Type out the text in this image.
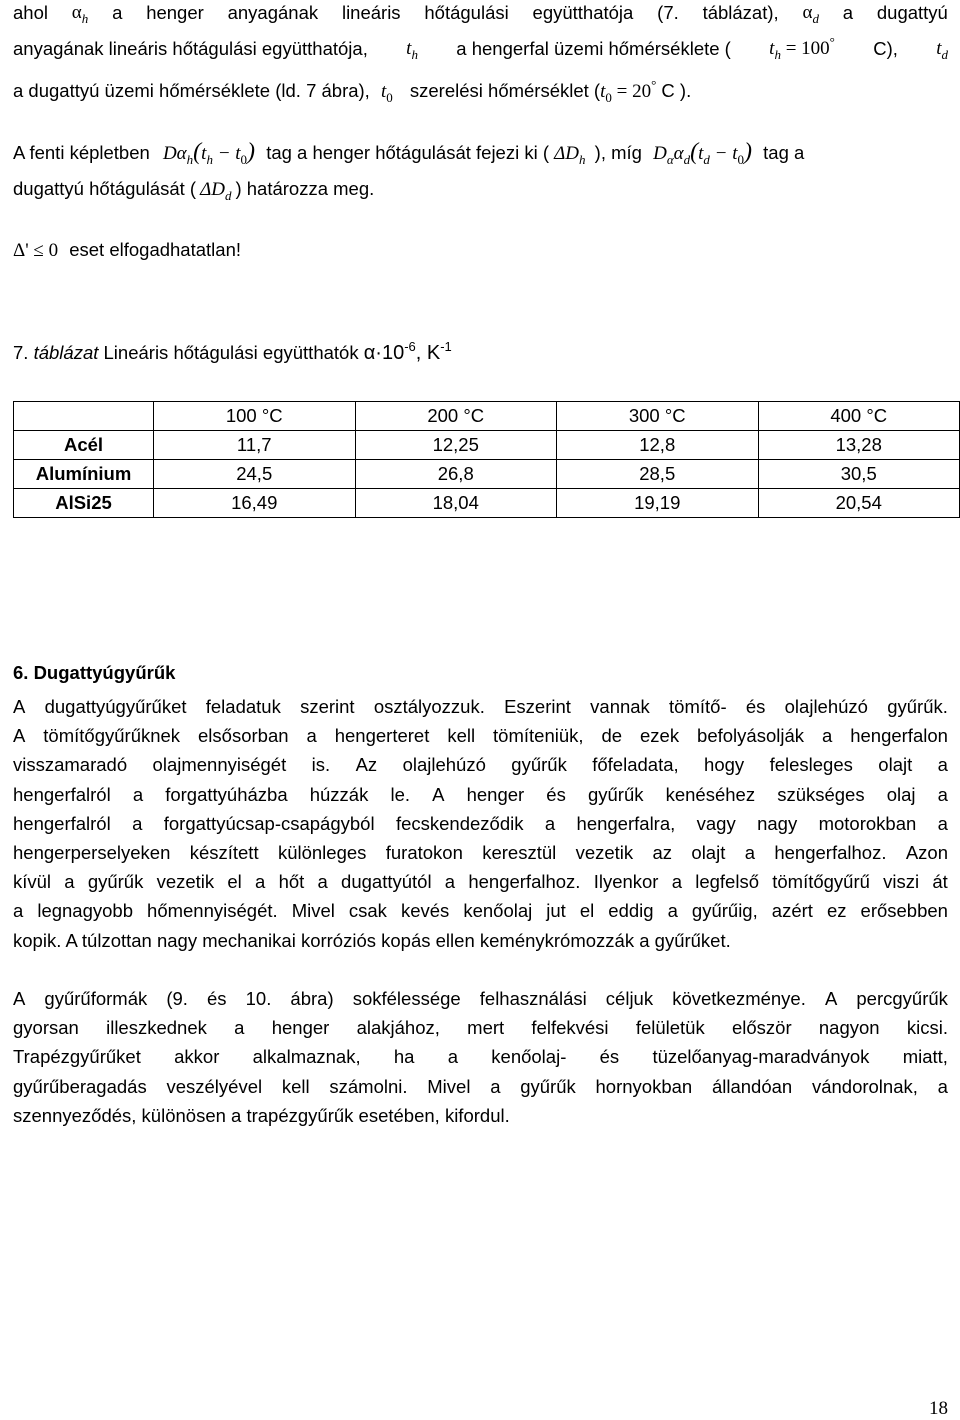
ahol $\alpha_h$ a henger anyagának lineáris hőtágulási együtthatója (7. táblázat), $\alpha_d$ a dugattyú
anyagának lineáris hőtágulási együtthatója, $t_h$ a hengerfal üzemi hőmérséklete ( $t_h = 100^\circ$ C), $t_d$
a dugattyú üzemi hőmérséklete (ld. 7 ábra), $t_0$ szerelési hőmérséklet ($t_0 = 20^\circ$ C ).
A fenti képletben $D\alpha_h(t_h - t_0)$ tag a henger hőtágulását fejezi ki ( $\Delta D_h$ ), míg $D_\alpha\alpha_d(t_d - t_0)$ tag a
dugattyú hőtágulását ( $\Delta D_d$ ) határozza meg.
Δ' ≤ 0 eset elfogadhatatlan!
7. táblázat Lineáris hőtágulási együtthatók $\alpha\cdot 10^{-6}$, $K^{-1}$
	100 °C	200 °C	300 °C	400 °C
Acél	11,7	12,25	12,8	13,28
Alumínium	24,5	26,8	28,5	30,5
AlSi25	16,49	18,04	19,19	20,54
6. Dugattyúgyűrűk
A dugattyúgyűrűket feladatuk szerint osztályozzuk. Eszerint vannak tömítő- és olajlehúzó gyűrűk.
A tömítőgyűrűknek elsősorban a hengerteret kell tömíteniük, de ezek befolyásolják a hengerfalon
visszamaradó olajmennyiségét is. Az olajlehúzó gyűrűk főfeladata, hogy felesleges olajt a
hengerfalról a forgattyúházba húzzák le. A henger és gyűrűk kenéséhez szükséges olaj a
hengerfalról a forgattyúcsap-csapágyból fecskendeződik a hengerfalra, vagy nagy motorokban a
hengerperselyeken készített különleges furatokon keresztül vezetik az olajt a hengerfalhoz. Azon
kívül a gyűrűk vezetik el a hőt a dugattyútól a hengerfalhoz. Ilyenkor a legfelső tömítőgyűrű viszi át
a legnagyobb hőmennyiségét. Mivel csak kevés kenőolaj jut el eddig a gyűrűig, azért ez erősebben
kopik. A túlzottan nagy mechanikai korróziós kopás ellen keménykrómozzák a gyűrűket.
A gyűrűformák (9. és 10. ábra) sokfélessége felhasználási céljuk következménye. A percgyűrűk
gyorsan illeszkednek a henger alakjához, mert felfekvési felületük először nagyon kicsi.
Trapézgyűrűket akkor alkalmaznak, ha a kenőolaj- és tüzelőanyag-maradványok miatt,
gyűrűberagadás veszélyével kell számolni. Mivel a gyűrűk hornyokban állandóan vándorolnak, a
szennyeződés, különösen a trapézgyűrűk esetében, kifordul.
18
